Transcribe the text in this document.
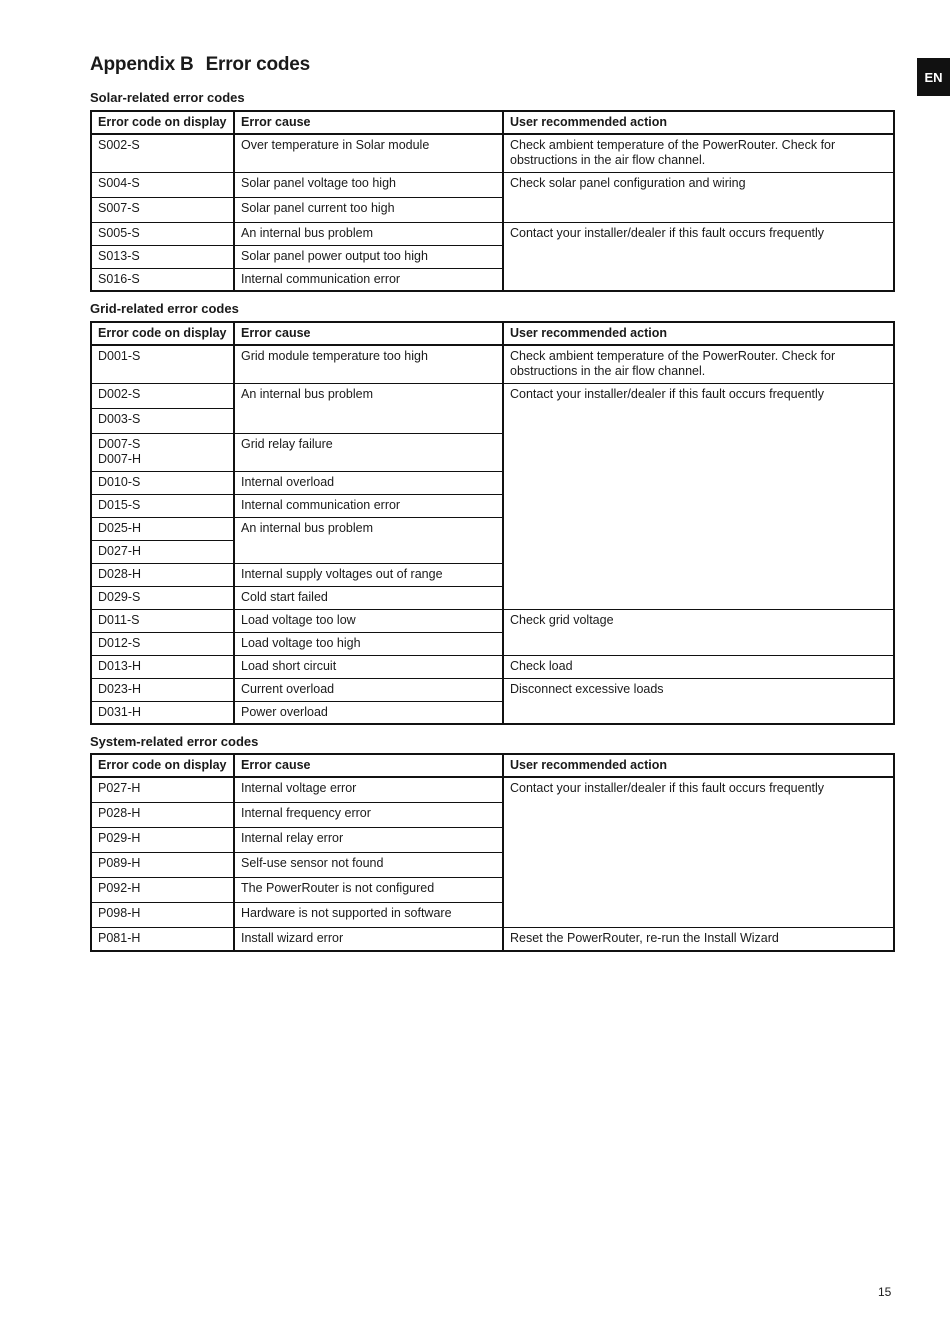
Appendix B Error codes
EN
Solar-related error codes
Error code on display	Error cause	User recommended action
S002-S	Over temperature in Solar module	Check ambient temperature of the PowerRouter. Check for obstructions in the air flow channel.
S004-S	Solar panel voltage too high	Check solar panel configuration and wiring
S007-S	Solar panel current too high	
S005-S	An internal bus problem	Contact your installer/dealer if this fault occurs frequently
S013-S	Solar panel power output too high	
S016-S	Internal communication error	
Grid-related error codes
Error code on display	Error cause	User recommended action
D001-S	Grid module temperature too high	Check ambient temperature of the PowerRouter. Check for obstructions in the air flow channel.
D002-S	An internal bus problem	Contact your installer/dealer if this fault occurs frequently
D003-S		

D007-S
D007-H	Grid relay failure	
D010-S	Internal overload	
D015-S	Internal communication error	
D025-H	An internal bus problem	
D027-H		
D028-H	Internal supply voltages out of range	
D029-S	Cold start failed	
D011-S	Load voltage too low	Check grid voltage
D012-S	Load voltage too high	
D013-H	Load short circuit	Check load
D023-H	Current overload	Disconnect excessive loads
D031-H	Power overload	
System-related error codes
Error code on display	Error cause	User recommended action
P027-H	Internal voltage error	Contact your installer/dealer if this fault occurs frequently
P028-H	Internal frequency error	
P029-H	Internal relay error	
P089-H	Self-use sensor not found	
P092-H	The PowerRouter is not configured	
P098-H	Hardware is not supported in software	
P081-H	Install wizard error	Reset the PowerRouter, re-run the Install Wizard
15
